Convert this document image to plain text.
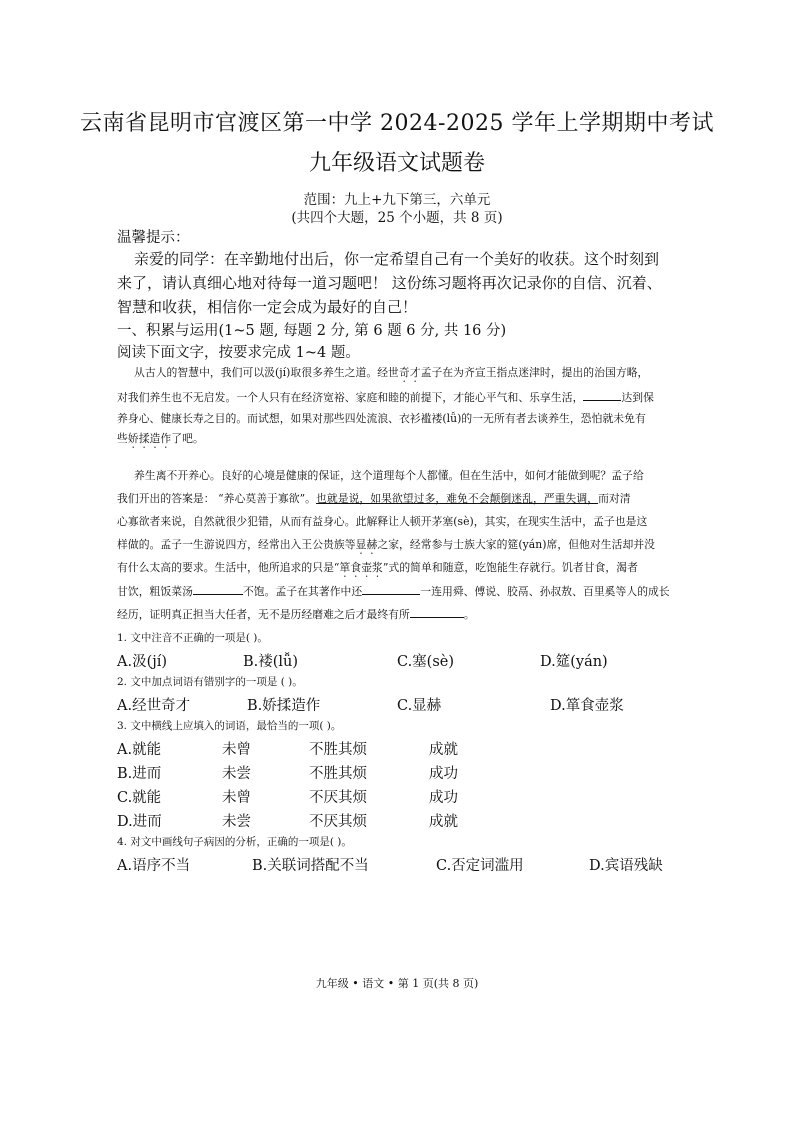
云南省昆明市官渡区第一中学 2024-2025 学年上学期期中考试
九年级语文试题卷
范围：九上+九下第三，六单元
(共四个大题，25 个小题，共 8 页)
温馨提示：
亲爱的同学：在辛勤地付出后，你一定希望自己有一个美好的收获。这个时刻到
来了，请认真细心地对待每一道习题吧！ 这份练习题将再次记录你的自信、沉着、
智慧和收获，相信你一定会成为最好的自己！
一、积累与运用(1~5 题, 每题 2 分, 第 6 题 6 分, 共 16 分)
阅读下面文字，按要求完成 1~4 题。
从古人的智慧中，我们可以汲(jí)取很多养生之道。经世奇才孟子在为齐宣王指点迷津时，提出的治国方略，
对我们养生也不无启发。一个人只有在经济宽裕、家庭和睦的前提下，才能心平气和、乐享生活，	达到保
养身心、健康长寿之目的。而试想，如果对那些四处流浪、衣衫褴褛(lǚ)的一无所有者去谈养生，恐怕就未免有
些娇揉造作了吧。
养生离不开养心。良好的心境是健康的保证，这个道理每个人都懂。但在生活中，如何才能做到呢？孟子给
我们开出的答案是： “养心莫善于寡欲”。也就是说，如果欲望过多，难免不会颠倒迷乱，严重失调，而对清
心寡欲者来说，自然就很少犯错，从而有益身心。此解释让人顿开茅塞(sè)，其实，在现实生活中，孟子也是这
样做的。孟子一生游说四方，经常出入王公贵族等显赫之家，经常参与士族大家的筵(yán)席，但他对生活却并没
有什么太高的要求。生活中，他所追求的只是“箪食壶浆”式的简单和随意，吃饱能生存就行。饥者甘食，渴者
甘饮，粗饭菜汤	不饱。孟子在其著作中还	一连用舜、傅说、胶鬲、孙叔敖、百里奚等人的成长
经历，证明真正担当大任者，无不是历经磨难之后才最终有所	。
1. 文中注音不正确的一项是( )。
A.汲(jí)	B.褛(lǚ)	C.塞(sè)	D.筵(yán)
2. 文中加点词语有错别字的一项是 ( )。
A.经世奇才	B.娇揉造作	C.显赫	D.箪食壶浆
3. 文中横线上应填入的词语，最恰当的一项( )。
A.就能	未曾	不胜其烦	成就
B.进而	未尝	不胜其烦	成功
C.就能	未曾	不厌其烦	成功
D.进而	未尝	不厌其烦	成就
4. 对文中画线句子病因的分析，正确的一项是( )。
A.语序不当	B.关联词搭配不当	C.否定词滥用	D.宾语残缺
九年级 • 语文 • 第 1 页(共 8 页)
